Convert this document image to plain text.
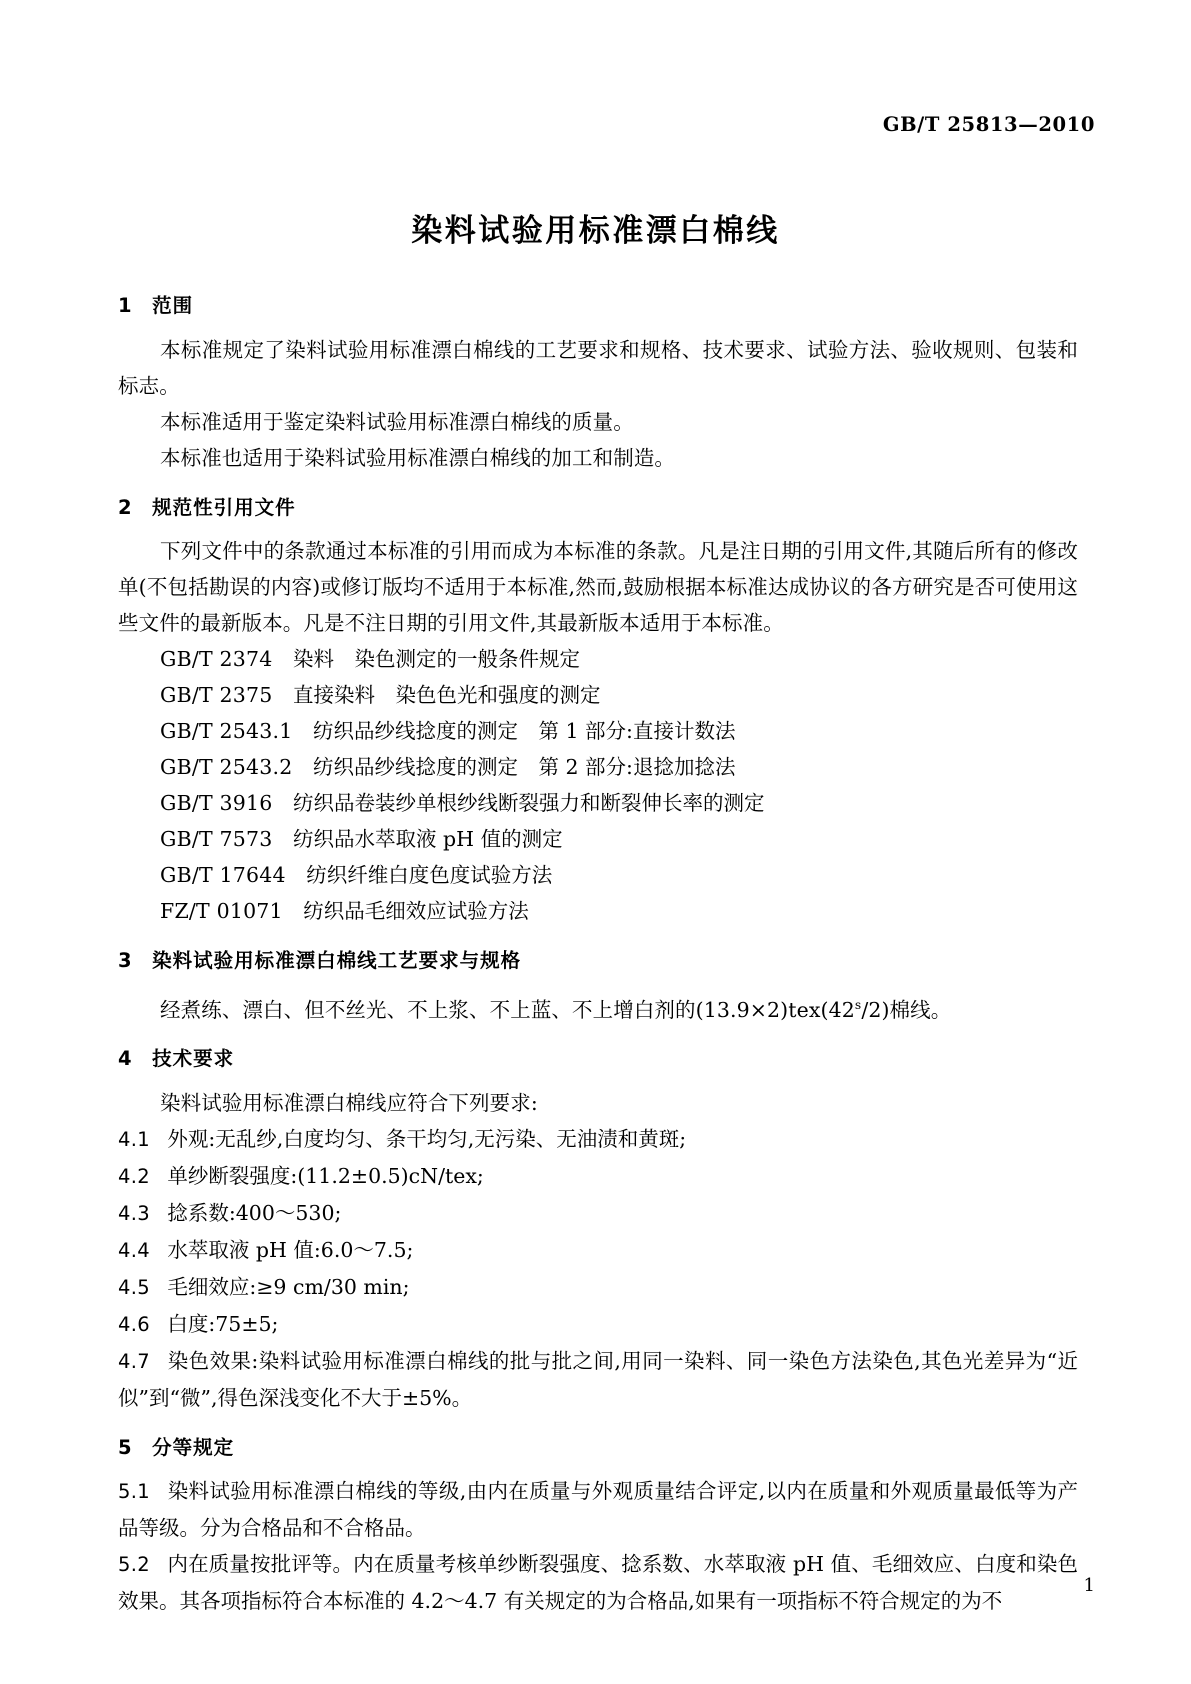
GB/T 25813—2010
染料试验用标准漂白棉线
1 范围

本标准规定了染料试验用标准漂白棉线的工艺要求和规格、技术要求、试验方法、验收规则、包装和标志。

本标准适用于鉴定染料试验用标准漂白棉线的质量。

本标准也适用于染料试验用标准漂白棉线的加工和制造。

2 规范性引用文件

下列文件中的条款通过本标准的引用而成为本标准的条款。凡是注日期的引用文件,其随后所有的修改单(不包括勘误的内容)或修订版均不适用于本标准,然而,鼓励根据本标准达成协议的各方研究是否可使用这些文件的最新版本。凡是不注日期的引用文件,其最新版本适用于本标准。

GB/T 2374 染料 染色测定的一般条件规定

GB/T 2375 直接染料 染色色光和强度的测定

GB/T 2543.1 纺织品纱线捻度的测定 第 1 部分:直接计数法

GB/T 2543.2 纺织品纱线捻度的测定 第 2 部分:退捻加捻法

GB/T 3916 纺织品卷装纱单根纱线断裂强力和断裂伸长率的测定

GB/T 7573 纺织品水萃取液 pH 值的测定

GB/T 17644 纺织纤维白度色度试验方法

FZ/T 01071 纺织品毛细效应试验方法

3 染料试验用标准漂白棉线工艺要求与规格

经煮练、漂白、但不丝光、不上浆、不上蓝、不上增白剂的$(13.9\times 2)tex(42^s/2)$棉线。

4 技术要求

染料试验用标准漂白棉线应符合下列要求:

4.1 外观:无乱纱,白度均匀、条干均匀,无污染、无油渍和黄斑;

4.2 单纱断裂强度:(11.2±0.5)cN/tex;

4.3 捻系数:400～530;

4.4 水萃取液 pH 值:6.0～7.5;

4.5 毛细效应:≥9 cm/30 min;

4.6 白度:75±5;

4.7 染色效果:染料试验用标准漂白棉线的批与批之间,用同一染料、同一染色方法染色,其色光差异为“近似”到“微”,得色深浅变化不大于±5%。

5 分等规定

5.1 染料试验用标准漂白棉线的等级,由内在质量与外观质量结合评定,以内在质量和外观质量最低等为产品等级。分为合格品和不合格品。

5.2 内在质量按批评等。内在质量考核单纱断裂强度、捻系数、水萃取液 pH 值、毛细效应、白度和染色效果。其各项指标符合本标准的 4.2～4.7 有关规定的为合格品,如果有一项指标不符合规定的为不

1
